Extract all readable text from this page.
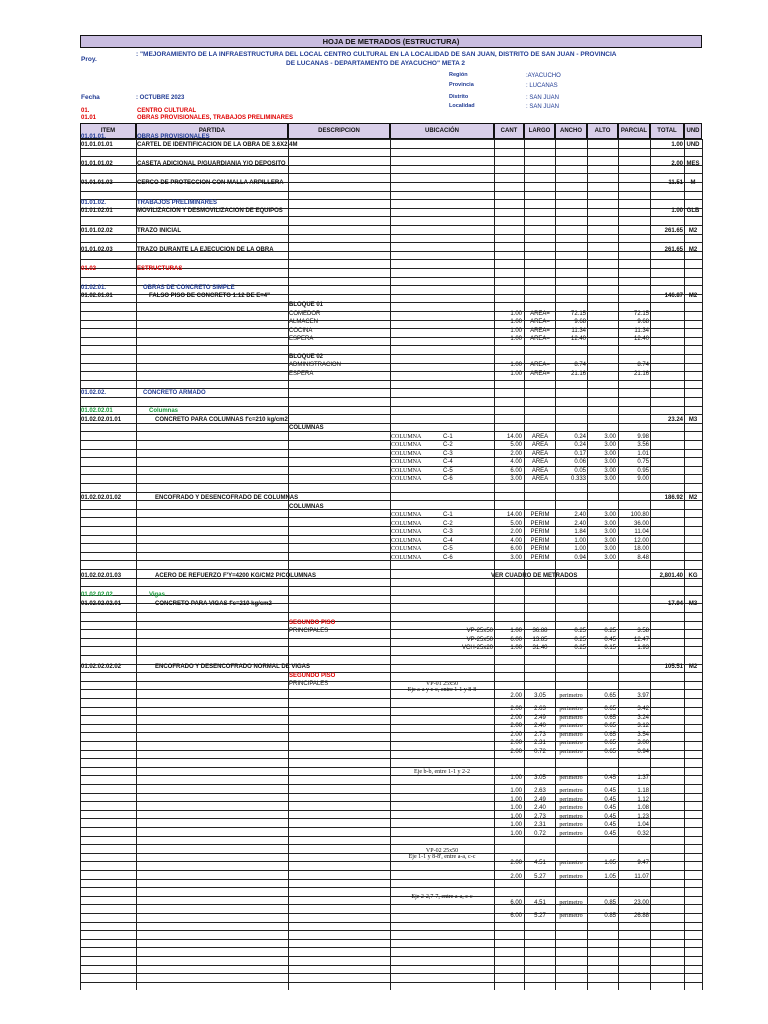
HOJA DE METRADOS (ESTRUCTURA)
Proy.
: "MEJORAMIENTO DE LA INFRAESTRUCTURA DEL LOCAL CENTRO CULTURAL EN LA LOCALIDAD DE SAN JUAN, DISTRITO DE SAN JUAN - PROVINCIA
DE LUCANAS - DEPARTAMENTO DE AYACUCHO" META 2
Fecha	: OCTUBRE 2023
Región	:AYACUCHO
Provincia	: LUCANAS
Distrito	: SAN JUAN
Localidad	: SAN JUAN
ITEM	PARTIDA	DESCRIPCION	UBICACIÓN	CANT	LARGO	ANCHO	ALTO	PARCIAL	TOTAL	UND
01.	CENTRO CULTURAL
01.01	OBRAS PROVISIONALES, TRABAJOS PRELIMINARES
01.01.01.	OBRAS PROVISIONALES
01.01.01.01	CARTEL DE IDENTIFICACION DE LA OBRA DE 3.6X2.4M	1.00 UND
01.01.01.02	CASETA ADICIONAL P/GUARDIANIA Y/O DEPOSITO	2.00 MES
01.01.01.03	CERCO DE PROTECCION CON MALLA ARPILLERA	11.51	M
01.01.02.	TRABAJOS PRELIMINARES
01.01.02.01	MOVILIZACION Y DESMOVILIZACION DE EQUIPOS	1.00 GLB
01.01.02.02	TRAZO INICIAL	261.65 M2
01.01.02.03	TRAZO DURANTE LA EJECUCION DE LA OBRA	261.65 M2
01.02	ESTRUCTURAS
01.02.01.	OBRAS DE CONCRETO SIMPLE
01.02.01.01	FALSO PISO DE CONCRETO 1:12 DE E=4"	146.87 M2
BLOQUE 01
COMEDOR	1.00	AREA=	72.15	72.15
ALMACEN	1.00	AREA=	9.68	9.68
COCINA	1.00	AREA=	11.34	11.34
ESPERA	1.00	AREA=	12.40	12.40
BLOQUE 02
ADMINISTRACION	1.00	AREA=	8.74	8.74
ESPERA	1.00	AREA=	21.16	21.16
01.02.02.	CONCRETO ARMADO
01.02.02.01	Columnas
01.02.02.01.01	CONCRETO PARA COLUMNAS f'c=210 kg/cm2	23.24 M3
COLUMNAS
COLUMNA	C-1	14.00	AREA	0.24	3.00	9.98
COLUMNA	C-2	5.00	AREA	0.24	3.00	3.56
COLUMNA	C-3	2.00	AREA	0.17	3.00	1.01
COLUMNA	C-4	4.00	AREA	0.06	3.00	0.75
COLUMNA	C-5	6.00	AREA	0.05	3.00	0.95
COLUMNA	C-6	3.00	AREA	0.333	3.00	9.00
01.02.02.01.02	ENCOFRADO Y DESENCOFRADO DE COLUMNAS	186.92 M2
COLUMNAS
COLUMNA	C-1	14.00	PERIM	2.40	3.00	100.80
COLUMNA	C-2	5.00	PERIM	2.40	3.00	36.00
COLUMNA	C-3	2.00	PERIM	1.84	3.00	11.04
COLUMNA	C-4	4.00	PERIM	1.00	3.00	12.00
COLUMNA	C-5	6.00	PERIM	1.00	3.00	18.00
COLUMNA	C-6	3.00	PERIM	0.94	3.00	8.48
01.02.02.01.03	ACERO DE REFUERZO F'Y=4200 KG/CM2 P/COLUMNAS	VER CUADRO DE METRADOS	2,801.40 KG
01.02.02.02	Vigas
01.02.02.02.01	CONCRETO PARA VIGAS f'c=210 kg/cm2	17.94 M3
SEGUNDO PISO
PRINCIPALES	VP-25x50	1.00	36.88	0.25	0.25	3.58
VP-25x50	6.00	13.85	0.25	0.45	12.47
VCH-25x20	1.00	31.40	0.25	0.15	1.93
01.02.02.02.02	ENCOFRADO Y DESENCOFRADO NORMAL DE VIGAS	105.51 M2
SEGUNDO PISO
PRINCIPALES	VP-01 25x50
Eje a-a y c-c, entre 1-1 y 8-8
2.00	3.05	perimetro	0.65	3.97
2.00	2.63	perimetro	0.65	3.42
2.00	2.49	perimetro	0.65	3.24
2.00	2.40	perimetro	0.65	3.12
2.00	2.73	perimetro	0.65	3.54
2.00	2.31	perimetro	0.65	3.00
2.00	0.72	perimetro	0.65	0.94
Eje b-b, entre 1-1 y 2-2
1.00	3.05	perimetro	0.45	1.37
1.00	2.63	perimetro	0.45	1.18
1.00	2.49	perimetro	0.45	1.12
1.00	2.40	perimetro	0.45	1.08
1.00	2.73	perimetro	0.45	1.23
1.00	2.31	perimetro	0.45	1.04
1.00	0.72	perimetro	0.45	0.32
VP-02 25x50
Eje 1-1 y 8-8', entre a-a, c-c
2.00	4.51	perimetro	1.05	9.47
2.00	5.27	perimetro	1.05	11.07
Eje 2-2,7-7, entre a-a, c-c
6.00	4.51	perimetro	0.85	23.00
6.00	5.27	perimetro	0.85	26.88
